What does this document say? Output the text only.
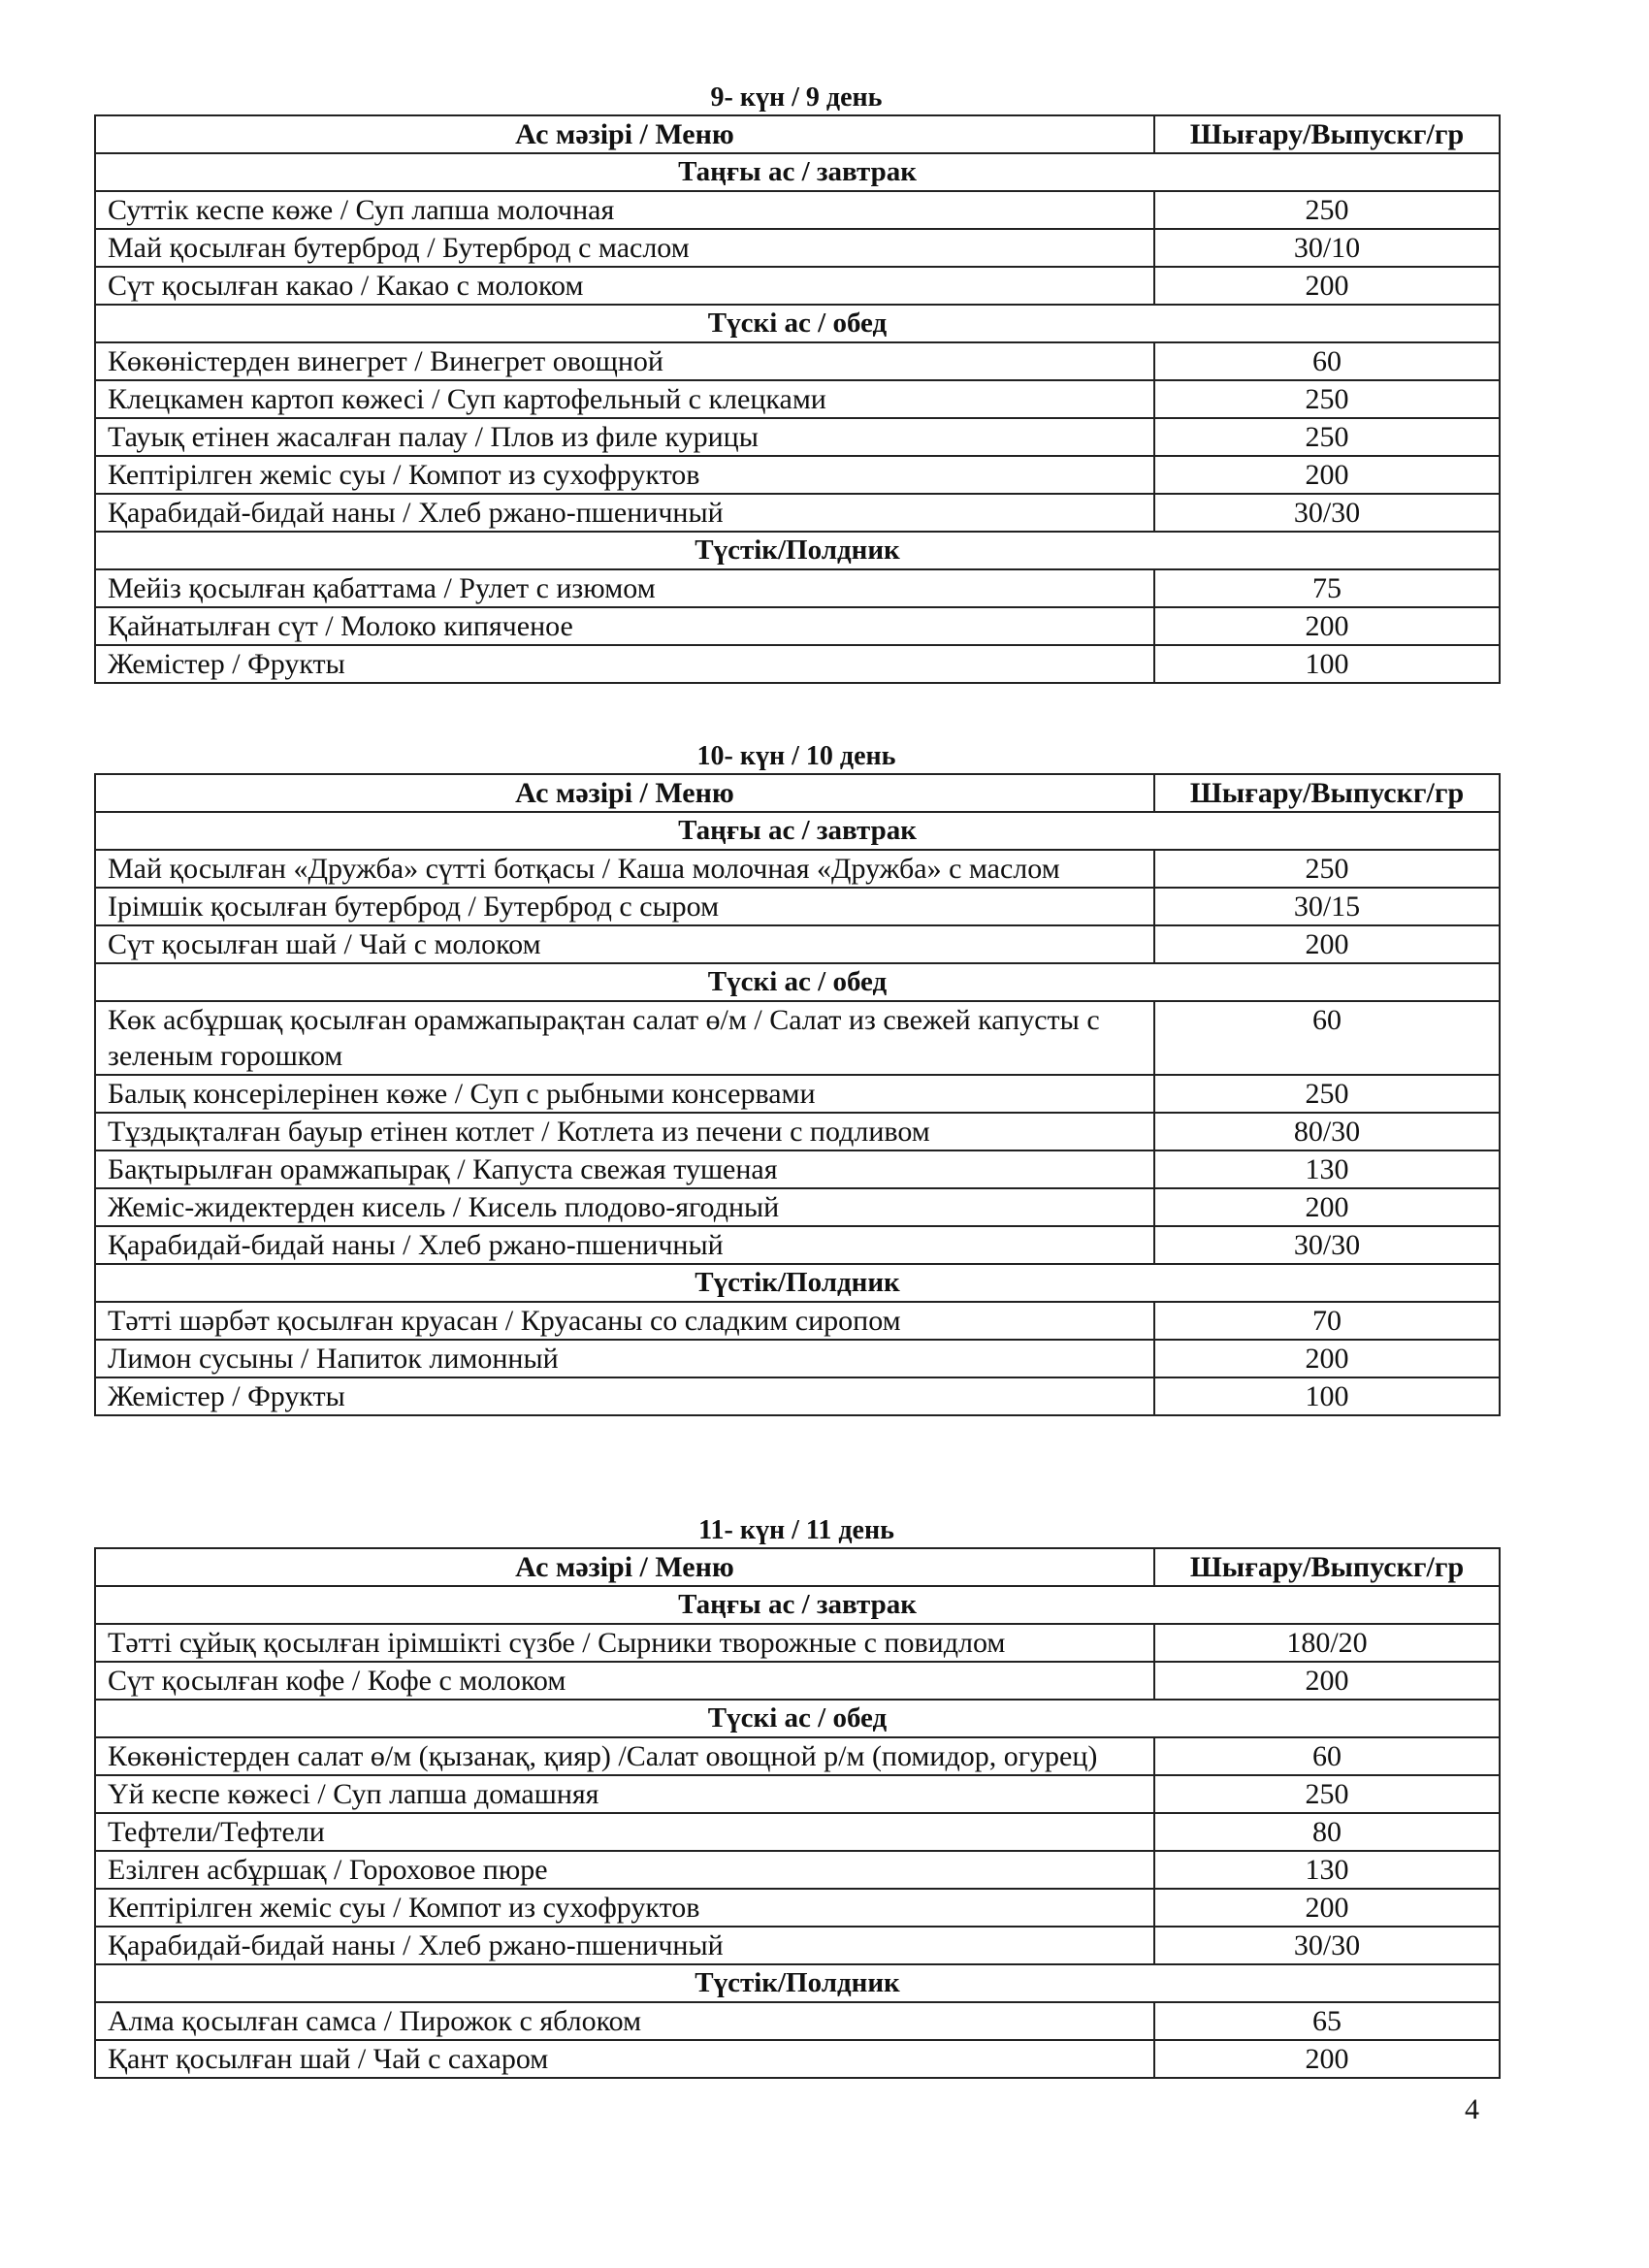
9- күн / 9 день
Ас мәзірі / Меню	Шығару/Выпускг/гр
Таңғы ас / завтрак	
Суттік кеспе көже / Суп лапша молочная	250
Май қосылған бутерброд / Бутерброд с маслом	30/10
Сүт қосылған какао / Какао с молоком	200
Түскі ас / обед	
Көкөністерден винегрет / Винегрет овощной	60
Клецкамен картоп көжесі / Суп картофельный с клецками	250
Тауық етінен жасалған палау / Плов из филе курицы	250
Кептірілген жеміс суы / Компот из сухофруктов	200
Қарабидай-бидай наны / Хлеб ржано-пшеничный	30/30
Түстік/Полдник	
Мейіз қосылған қабаттама / Рулет с изюмом	75
Қайнатылған сүт / Молоко кипяченое	200
Жемістер / Фрукты	100
10- күн / 10 день
Ас мәзірі / Меню	Шығару/Выпускг/гр
Таңғы ас / завтрак	
Май қосылған «Дружба» сүтті ботқасы / Каша молочная «Дружба» с маслом	250
Ірімшік қосылған бутерброд / Бутерброд с сыром	30/15
Сүт қосылған шай / Чай с молоком	200
Түскі ас / обед	
Көк асбұршақ қосылған орамжапырақтан салат ө/м / Салат из свежей капусты с зеленым горошком	60
Балық консерілерінен көже / Суп с рыбными консервами	250
Тұздықталған бауыр етінен котлет / Котлета из печени с подливом	80/30
Бақтырылған орамжапырақ / Капуста свежая тушеная	130
Жеміс-жидектерден кисель / Кисель плодово-ягодный	200
Қарабидай-бидай наны / Хлеб ржано-пшеничный	30/30
Түстік/Полдник	
Тәтті шәрбәт қосылған круасан / Круасаны со сладким сиропом	70
Лимон сусыны / Напиток лимонный	200
Жемістер / Фрукты	100
11- күн / 11 день
Ас мәзірі / Меню	Шығару/Выпускг/гр
Таңғы ас / завтрак	
Тәтті сұйық қосылған ірімшікті сүзбе / Сырники творожные с повидлом	180/20
Сүт қосылған кофе / Кофе с молоком	200
Түскі ас / обед	
Көкөністерден салат ө/м (қызанақ, қияр) /Салат овощной р/м (помидор, огурец)	60
Үй кеспе көжесі / Суп лапша домашняя	250
Тефтели/Тефтели	80
Езілген асбұршақ / Гороховое пюре	130
Кептірілген жеміс суы / Компот из сухофруктов	200
Қарабидай-бидай наны / Хлеб ржано-пшеничный	30/30
Түстік/Полдник	
Алма қосылған самса / Пирожок с яблоком	65
Қант қосылған шай / Чай с сахаром	200
4
